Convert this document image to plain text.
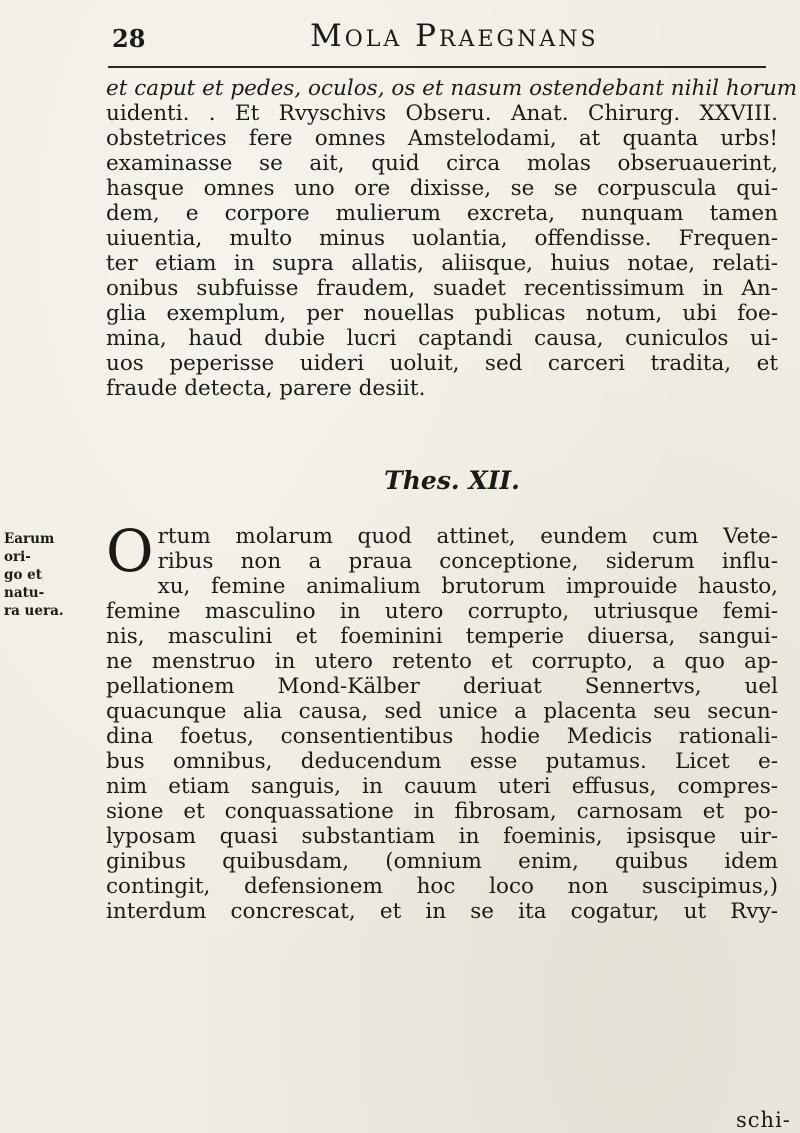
28	Mola Praegnans
et caput et pedes, oculos, os et nasum ostendebant nihil horum
uidenti. . Et Rvyschivs Obseru. Anat. Chirurg. XXVIII.
obstetrices fere omnes Amstelodami, at quanta urbs!
examinasse se ait, quid circa molas obseruauerint,
hasque omnes uno ore dixisse, se se corpuscula qui-
dem, e corpore mulierum excreta, nunquam tamen
uiuentia, multo minus uolantia, offendisse. Frequen-
ter etiam in supra allatis, aliisque, huius notae, relati-
onibus subfuisse fraudem, suadet recentissimum in An-
glia exemplum, per nouellas publicas notum, ubi foe-
mina, haud dubie lucri captandi causa, cuniculos ui-
uos peperisse uideri uoluit, sed carceri tradita, et
fraude detecta, parere desiit.
Thes. XII.
Earum ori-
go et natu-
ra uera.
O rtum molarum quod attinet, eundem cum Vete-
ribus non a praua conceptione, siderum influ-
xu, femine animalium brutorum improuide hausto,
femine masculino in utero corrupto, utriusque femi-
nis, masculini et foeminini temperie diuersa, sangui-
ne menstruo in utero retento et corrupto, a quo ap-
pellationem Mond-Kälber deriuat Sennertvs, uel
quacunque alia causa, sed unice a placenta seu secun-
dina foetus, consentientibus hodie Medicis rationali-
bus omnibus, deducendum esse putamus. Licet e-
nim etiam sanguis, in cauum uteri effusus, compres-
sione et conquassatione in fibrosam, carnosam et po-
lyposam quasi substantiam in foeminis, ipsisque uir-
ginibus quibusdam, (omnium enim, quibus idem
contingit, defensionem hoc loco non suscipimus,)
interdum concrescat, et in se ita cogatur, ut Rvy-
schi-
